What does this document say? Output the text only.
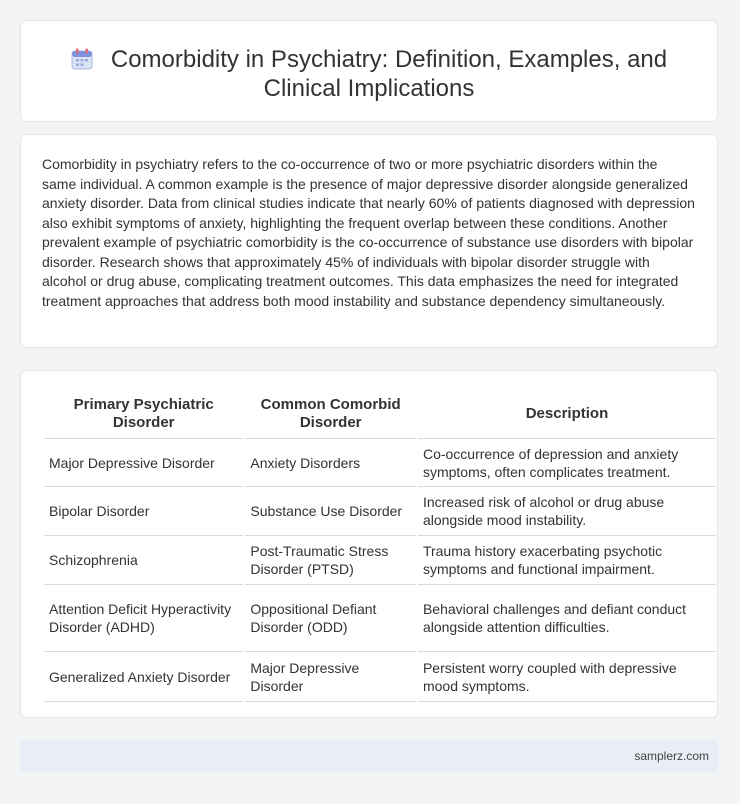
Comorbidity in Psychiatry: Definition, Examples, and
Clinical Implications

Comorbidity in psychiatry refers to the co-occurrence of two or more psychiatric disorders within the same individual. A common example is the presence of major depressive disorder alongside generalized anxiety disorder. Data from clinical studies indicate that nearly 60% of patients diagnosed with depression also exhibit symptoms of anxiety, highlighting the frequent overlap between these conditions. Another prevalent example of psychiatric comorbidity is the co-occurrence of substance use disorders with bipolar disorder. Research shows that approximately 45% of individuals with bipolar disorder struggle with alcohol or drug abuse, complicating treatment outcomes. This data emphasizes the need for integrated treatment approaches that address both mood instability and substance dependency simultaneously.

Primary Psychiatric Disorder	Common Comorbid Disorder	Description
Major Depressive Disorder	Anxiety Disorders	Co-occurrence of depression and anxiety symptoms, often complicates treatment.
Bipolar Disorder	Substance Use Disorder	Increased risk of alcohol or drug abuse alongside mood instability.
Schizophrenia	Post-Traumatic Stress Disorder (PTSD)	Trauma history exacerbating psychotic symptoms and functional impairment.
Attention Deficit Hyperactivity Disorder (ADHD)	Oppositional Defiant Disorder (ODD)	Behavioral challenges and defiant conduct alongside attention difficulties.
Generalized Anxiety Disorder	Major Depressive Disorder	Persistent worry coupled with depressive mood symptoms.
samplerz.com
